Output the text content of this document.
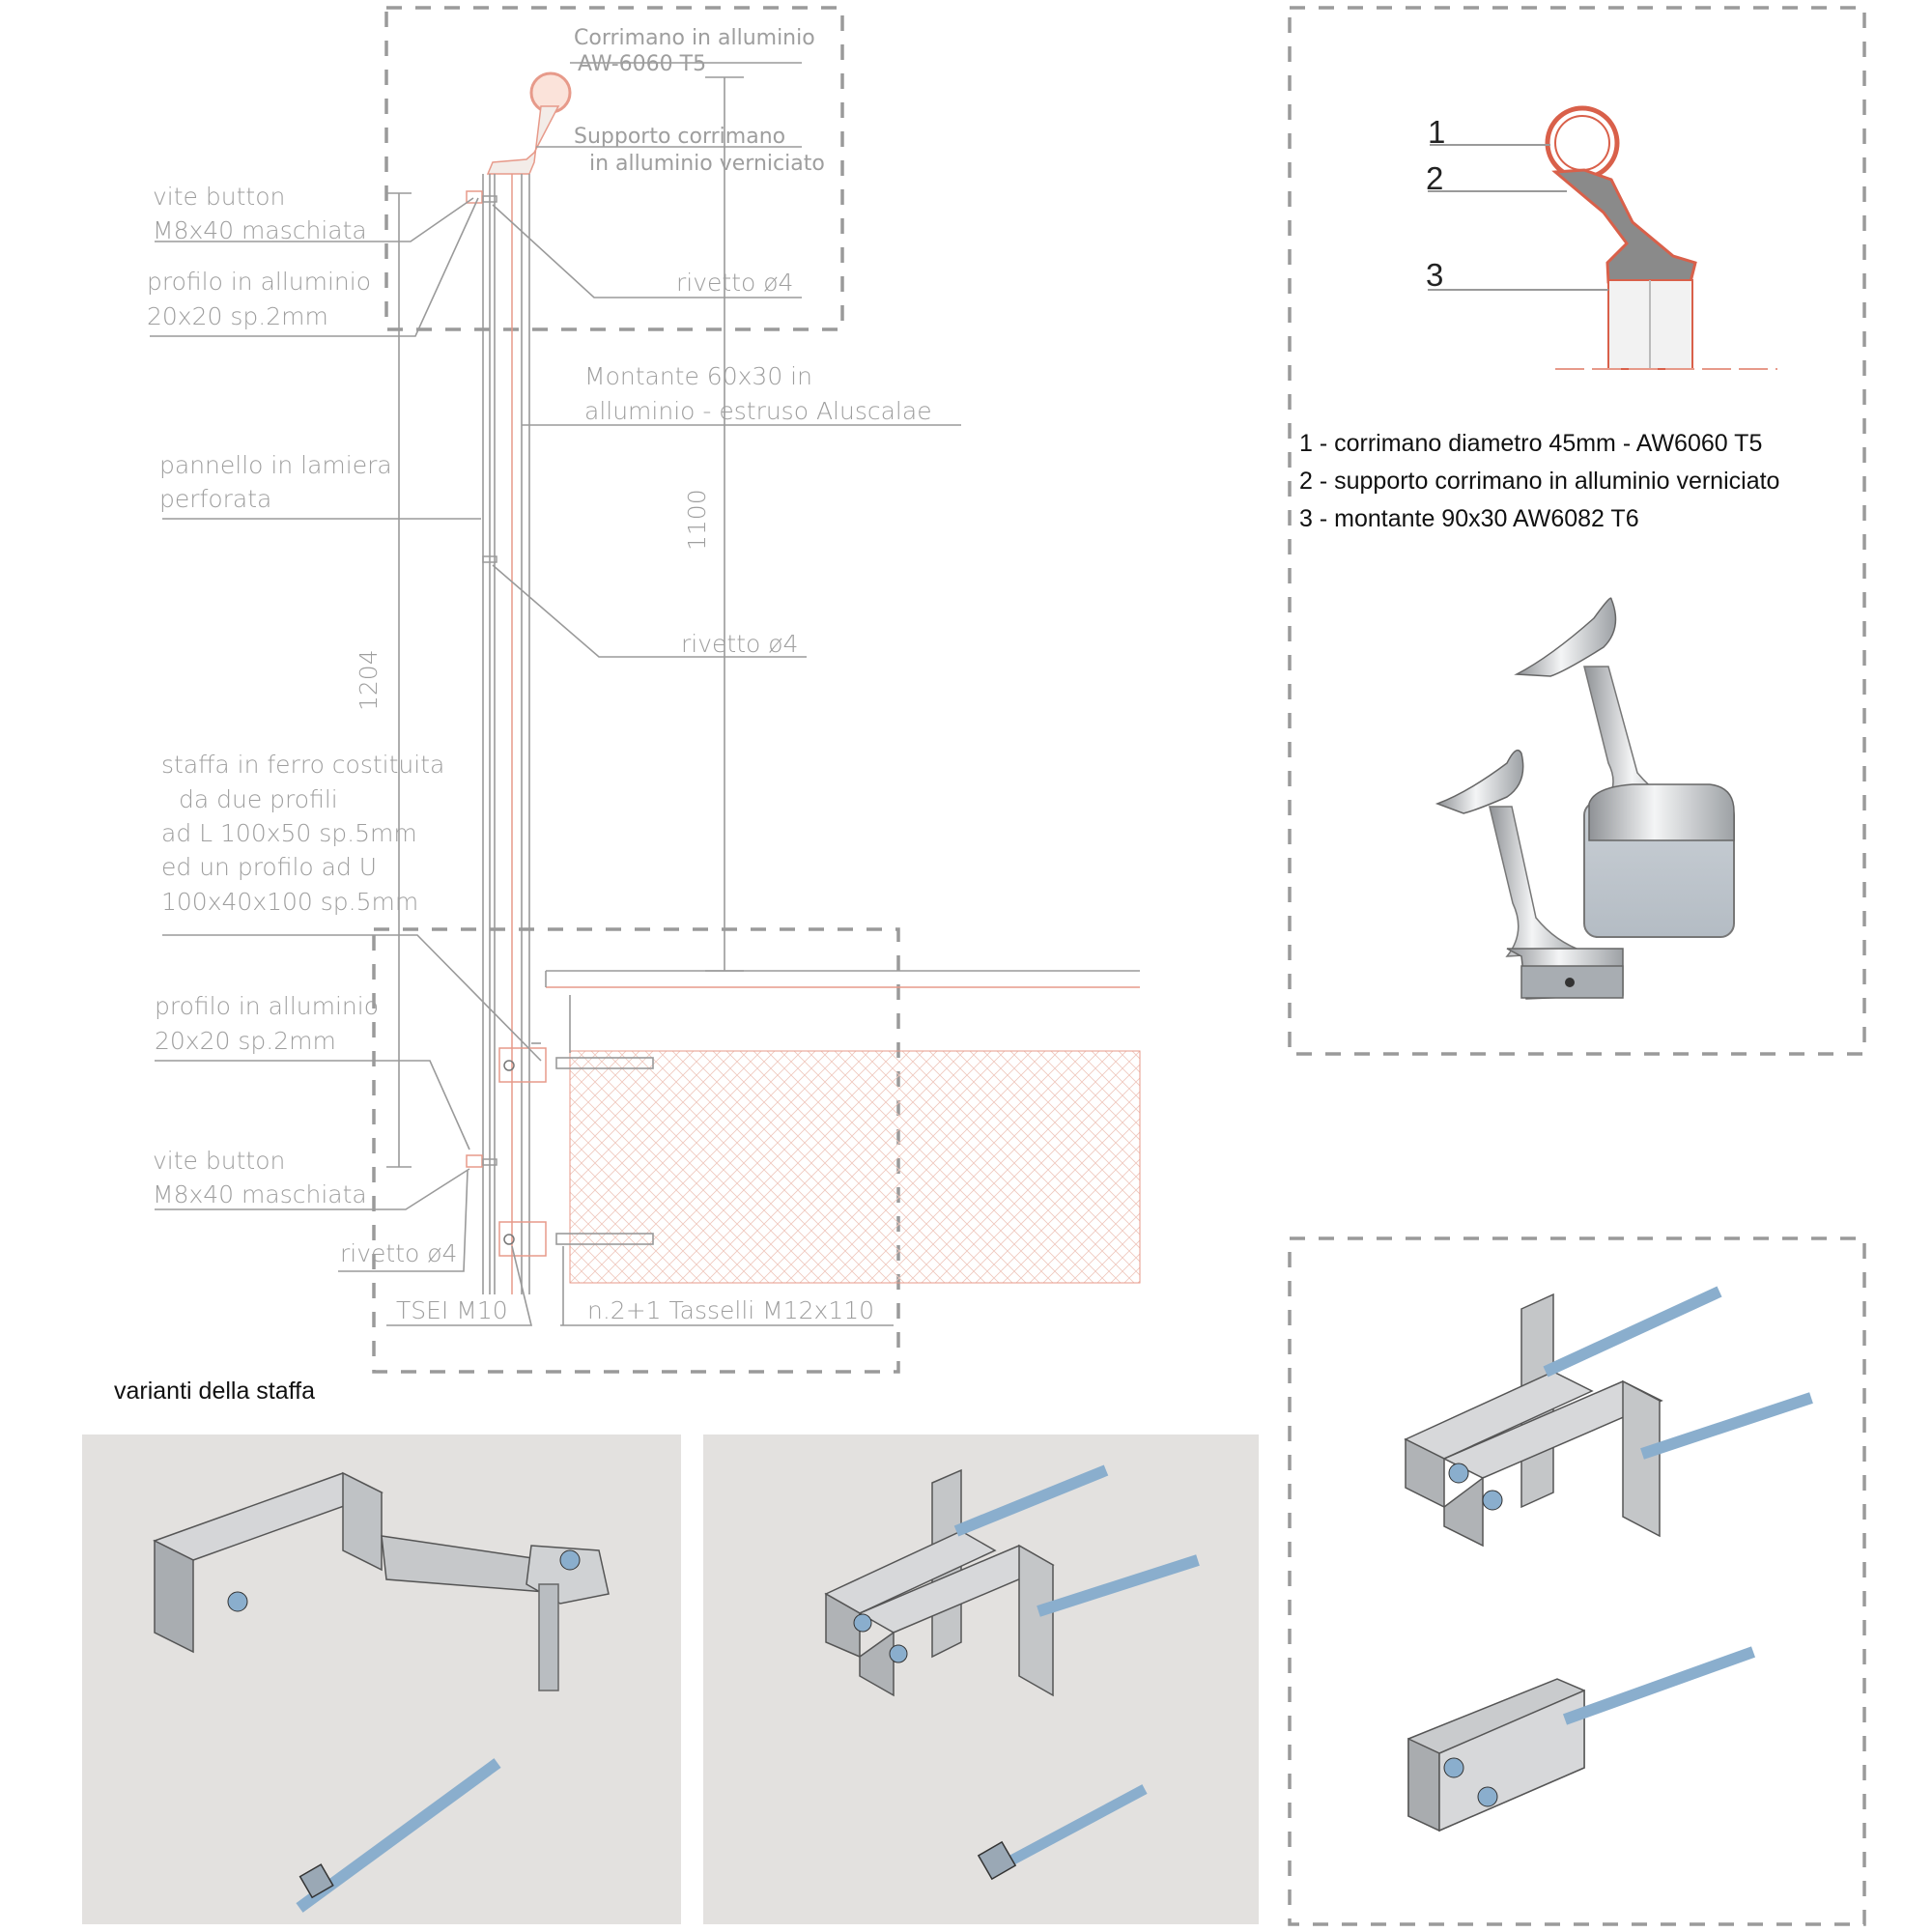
Corrimano in alluminio
AW-6060 T5
Supporto corrimano
in alluminio verniciato
vite button
M8x40 maschiata
profilo in alluminio
20x20 sp.2mm
rivetto ø4
Montante 60x30 in
alluminio - estruso Aluscalae
pannello in lamiera
perforata	1100
rivetto ø4
1204
staffa in ferro costituita
da due profili
ad L 100x50 sp.5mm
ed un profilo ad U
100x40x100 sp.5mm
profilo in alluminio
20x20 sp.2mm
vite button
M8x40 maschiata
rivetto ø4
TSEI M10	n.2+1 Tasselli M12x110
1
2
3
1 - corrimano diametro 45mm - AW6060 T5
2 - supporto corrimano in alluminio verniciato
3 - montante 90x30 AW6082 T6
varianti della staffa
